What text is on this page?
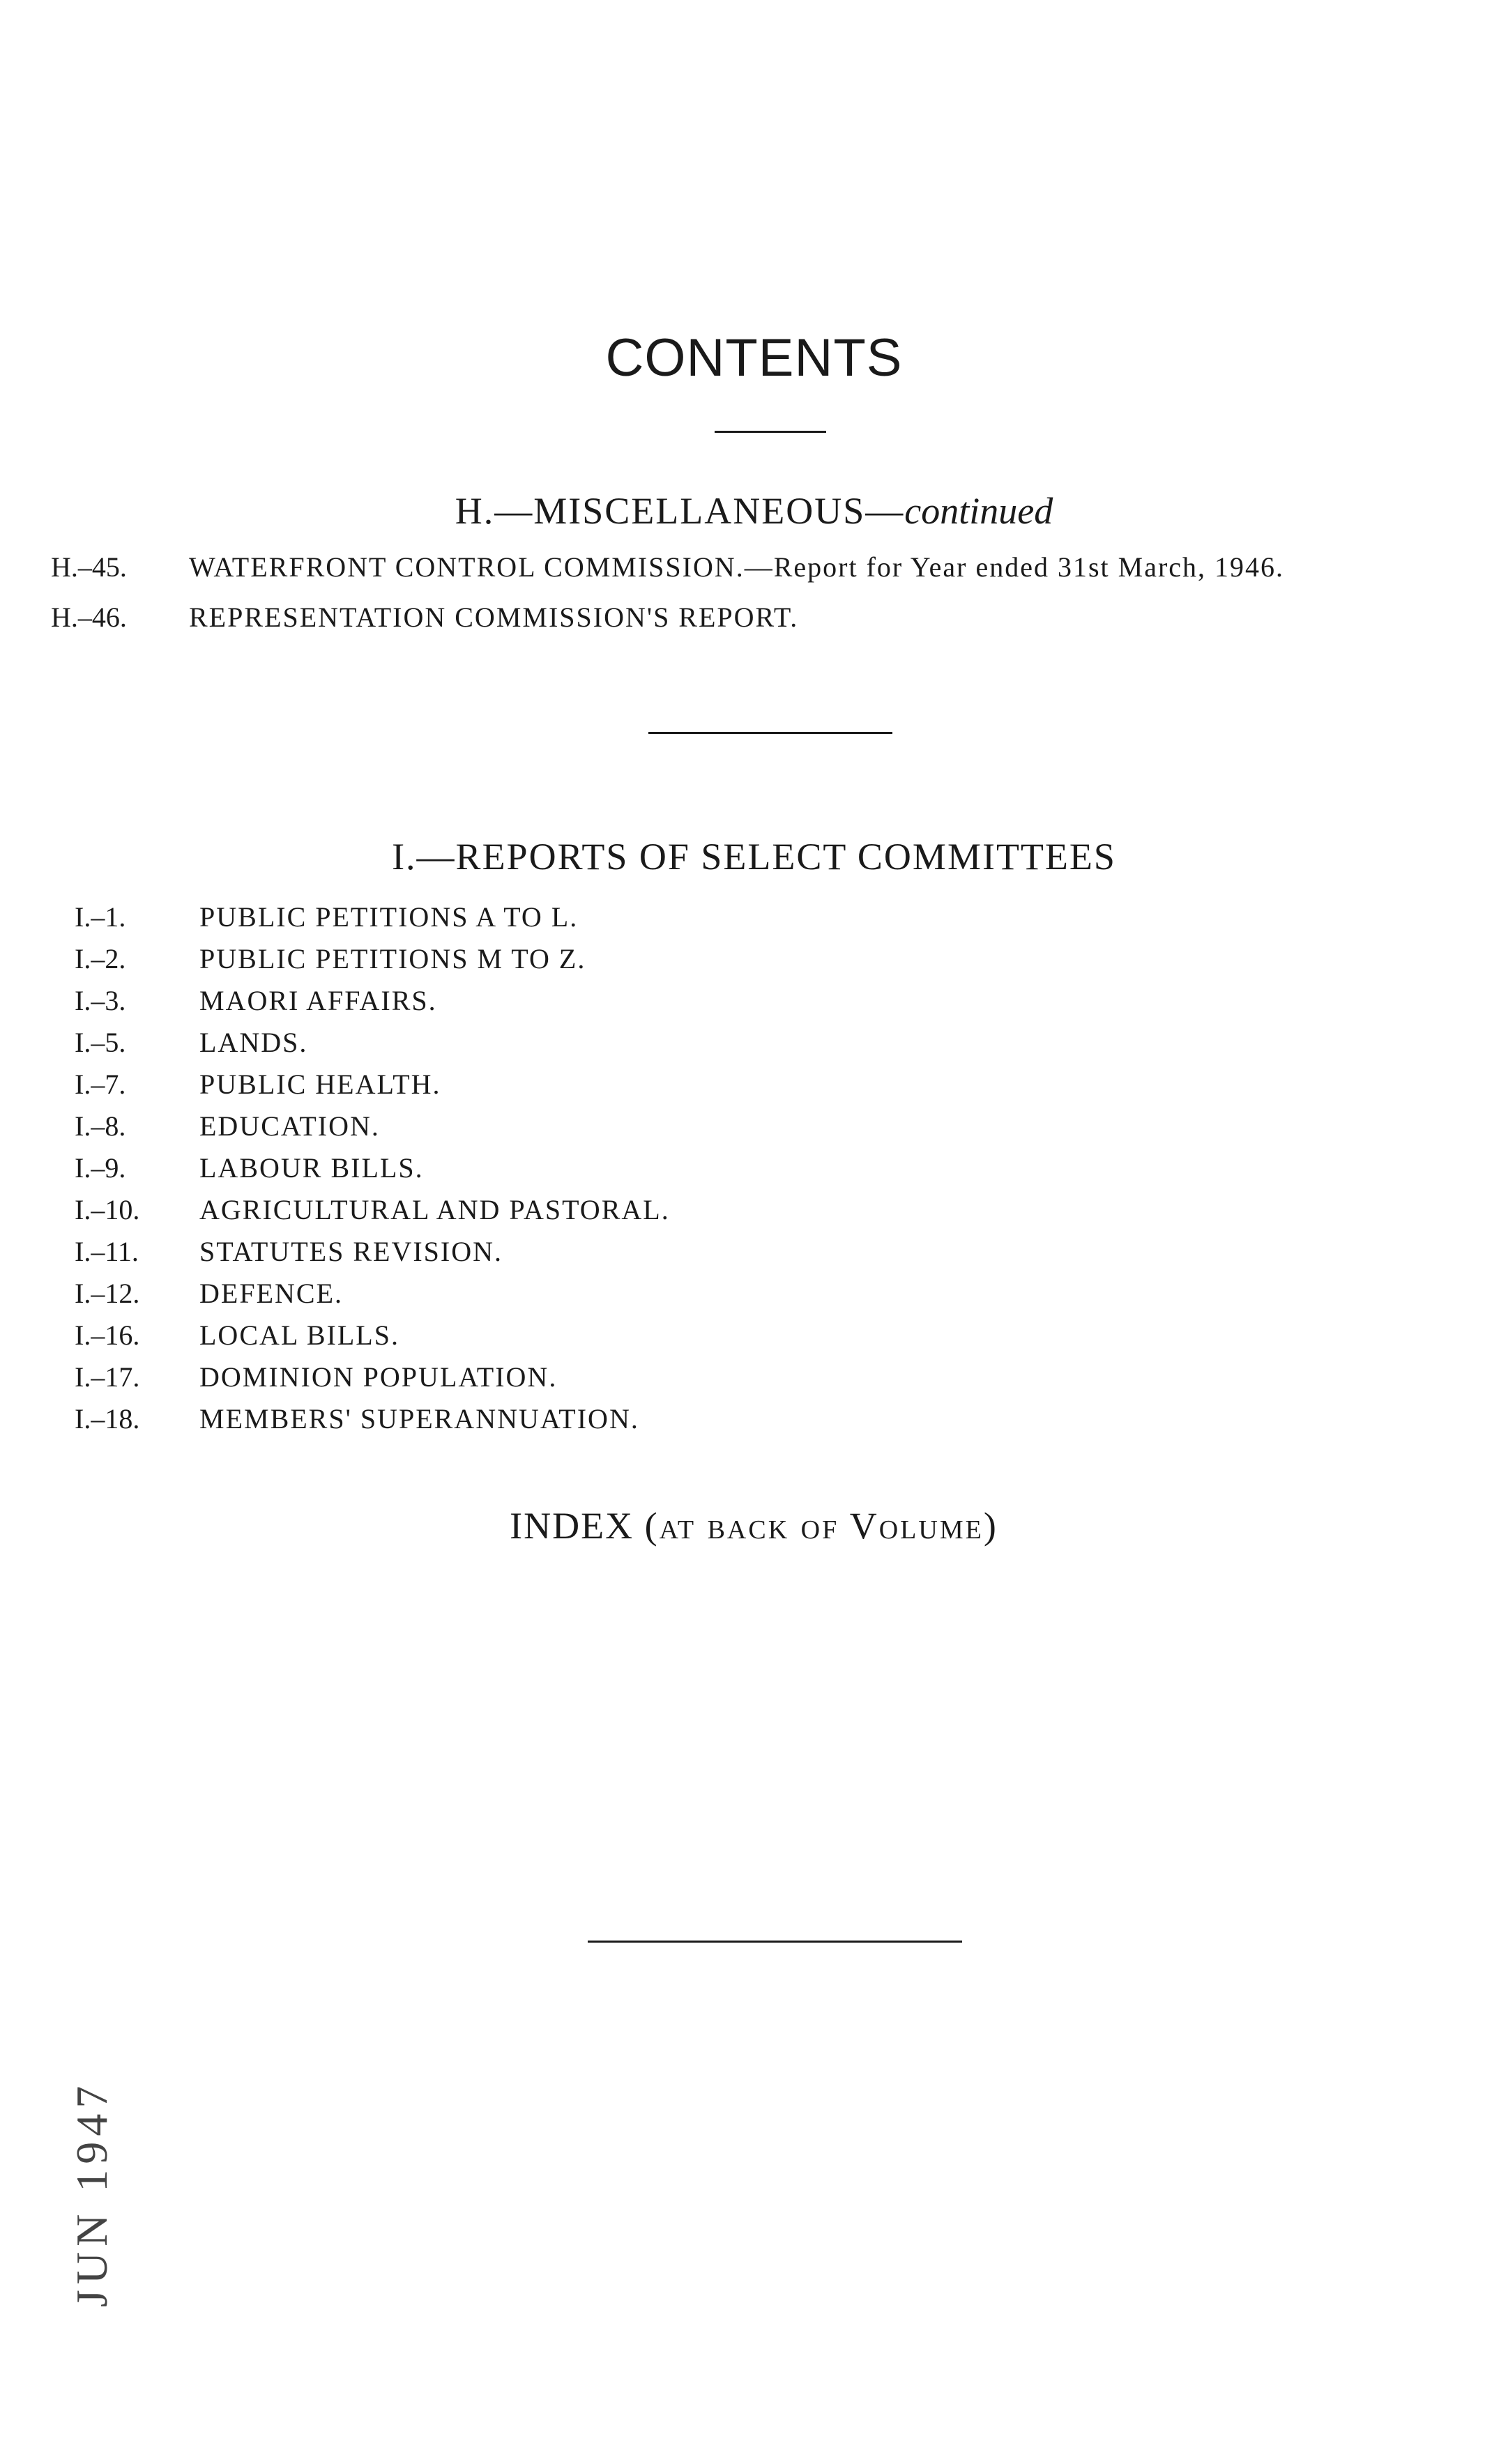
CONTENTS
H.—MISCELLANEOUS—continued
H.–45. WATERFRONT CONTROL COMMISSION.—Report for Year ended 31st March, 1946.
H.–46. REPRESENTATION COMMISSION'S REPORT.
I.—REPORTS OF SELECT COMMITTEES
I.–1.	PUBLIC PETITIONS A TO L.
I.–2.	PUBLIC PETITIONS M TO Z.
I.–3.	MAORI AFFAIRS.
I.–5.	LANDS.
I.–7.	PUBLIC HEALTH.
I.–8.	EDUCATION.
I.–9.	LABOUR BILLS.
I.–10. AGRICULTURAL AND PASTORAL.
I.–11. STATUTES REVISION.
I.–12. DEFENCE.
I.–16. LOCAL BILLS.
I.–17. DOMINION POPULATION.
I.–18. MEMBERS' SUPERANNUATION.
INDEX (at back of Volume)
JUN 1947
